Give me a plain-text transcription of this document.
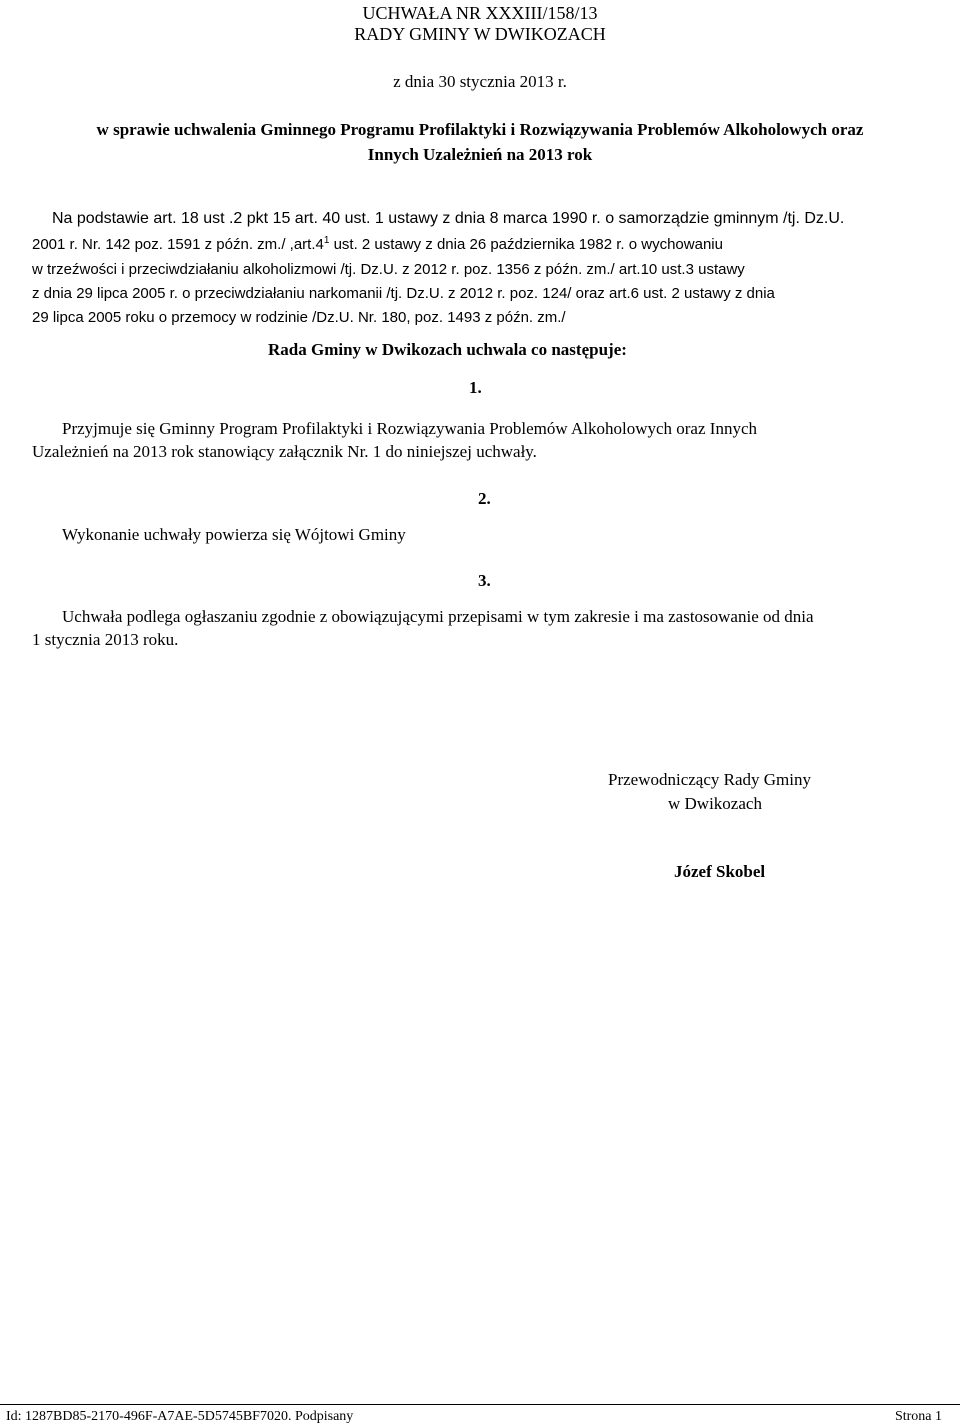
UCHWAŁA NR XXXIII/158/13
RADY GMINY W DWIKOZACH
z dnia 30 stycznia 2013 r.
w sprawie uchwalenia Gminnego Programu Profilaktyki i Rozwiązywania Problemów Alkoholowych oraz
Innych Uzależnień na 2013 rok
Na podstawie art. 18 ust .2 pkt 15 art. 40 ust. 1 ustawy z dnia 8 marca 1990 r. o samorządzie gminnym /tj. Dz.U.
2001 r. Nr. 142 poz. 1591 z późn. zm./ $,art.4^1$ ust. 2 ustawy z dnia 26 października 1982 r. o wychowaniu
w trzeźwości i przeciwdziałaniu alkoholizmowi /tj. Dz.U. z 2012 r. poz. 1356 z późn. zm./ art.10 ust.3 ustawy
z dnia 29 lipca 2005 r. o przeciwdziałaniu narkomanii /tj. Dz.U. z 2012 r. poz. 124/ oraz art.6 ust. 2 ustawy z dnia
29 lipca 2005 roku o przemocy w rodzinie /Dz.U. Nr. 180, poz. 1493 z późn. zm./
Rada Gminy w Dwikozach uchwala co następuje:
1.
Przyjmuje się Gminny Program Profilaktyki i Rozwiązywania Problemów Alkoholowych oraz Innych
Uzależnień na 2013 rok stanowiący załącznik Nr. 1 do niniejszej uchwały.
2.
Wykonanie uchwały powierza się Wójtowi Gminy
3.
Uchwała podlega ogłaszaniu zgodnie z obowiązującymi przepisami w tym zakresie i ma zastosowanie od dnia
1 stycznia 2013 roku.
Przewodniczący Rady Gminy
w Dwikozach
Józef Skobel
Id: 1287BD85-2170-496F-A7AE-5D5745BF7020. Podpisany	Strona 1
